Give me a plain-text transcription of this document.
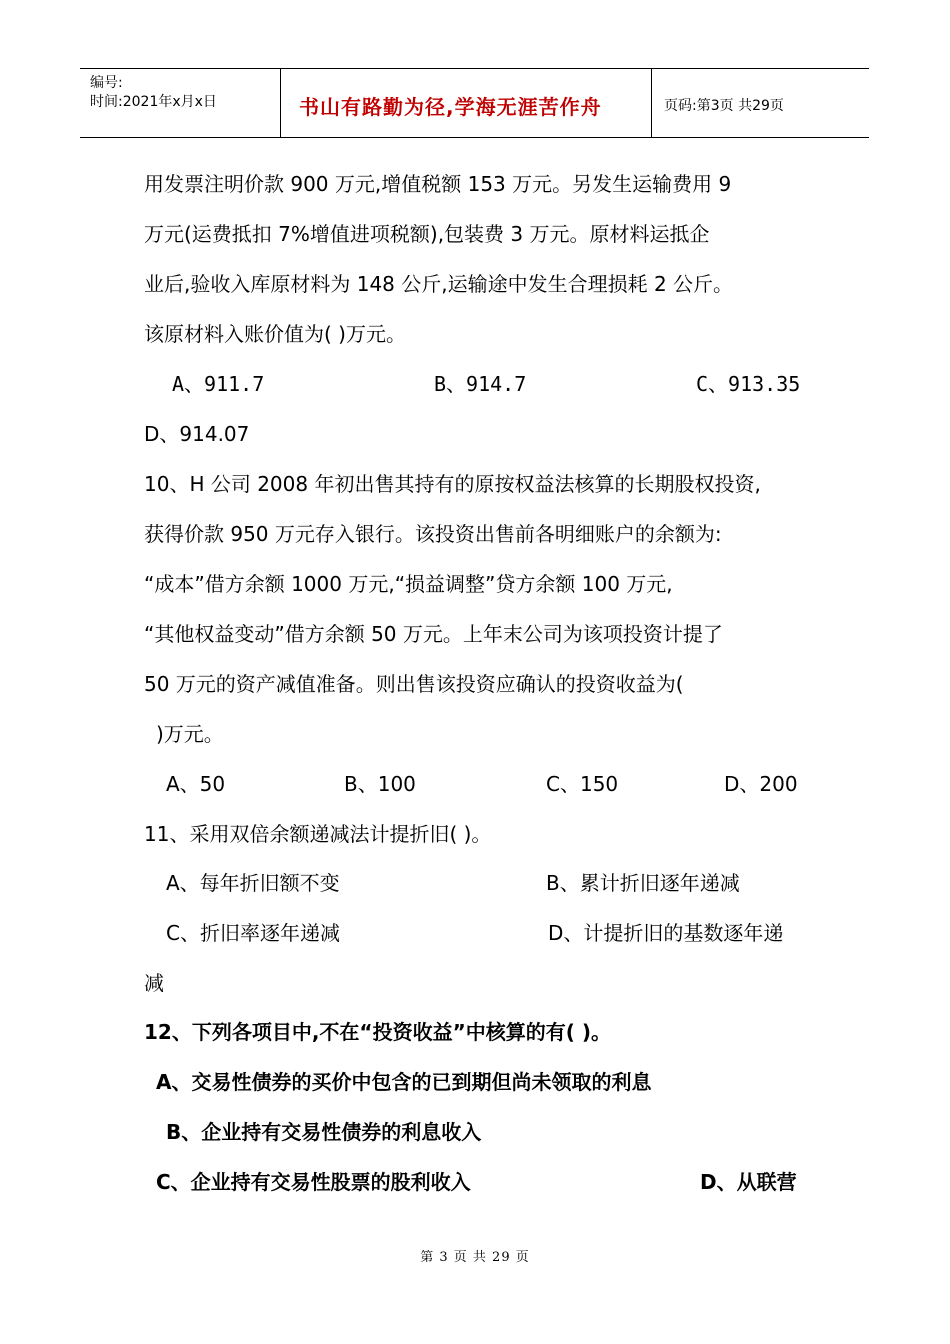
编号:
时间:2021年x月x日	书山有路勤为径,学海无涯苦作舟	页码:第3页 共29页
用发票注明价款 900 万元,增值税额 153 万元。另发生运输费用 9
万元(运费抵扣 7%增值进项税额),包装费 3 万元。原材料运抵企
业后,验收入库原材料为 148 公斤,运输途中发生合理损耗 2 公斤。
该原材料入账价值为( )万元。
A、911.7	B、914.7	C、913.35
D、914.07
10、H 公司 2008 年初出售其持有的原按权益法核算的长期股权投资,
获得价款 950 万元存入银行。该投资出售前各明细账户的余额为:
“成本”借方余额 1000 万元,“损益调整”贷方余额 100 万元,
“其他权益变动”借方余额 50 万元。上年末公司为该项投资计提了
50 万元的资产减值准备。则出售该投资应确认的投资收益为(
)万元。
A、50	B、100	C、150	D、200
11、采用双倍余额递减法计提折旧( )。
A、每年折旧额不变	B、累计折旧逐年递减
C、折旧率逐年递减	D、计提折旧的基数逐年递
减
12、下列各项目中,不在“投资收益”中核算的有( )。
A、交易性债券的买价中包含的已到期但尚未领取的利息
B、企业持有交易性债券的利息收入
C、企业持有交易性股票的股利收入	D、从联营
第 3 页 共 29 页
